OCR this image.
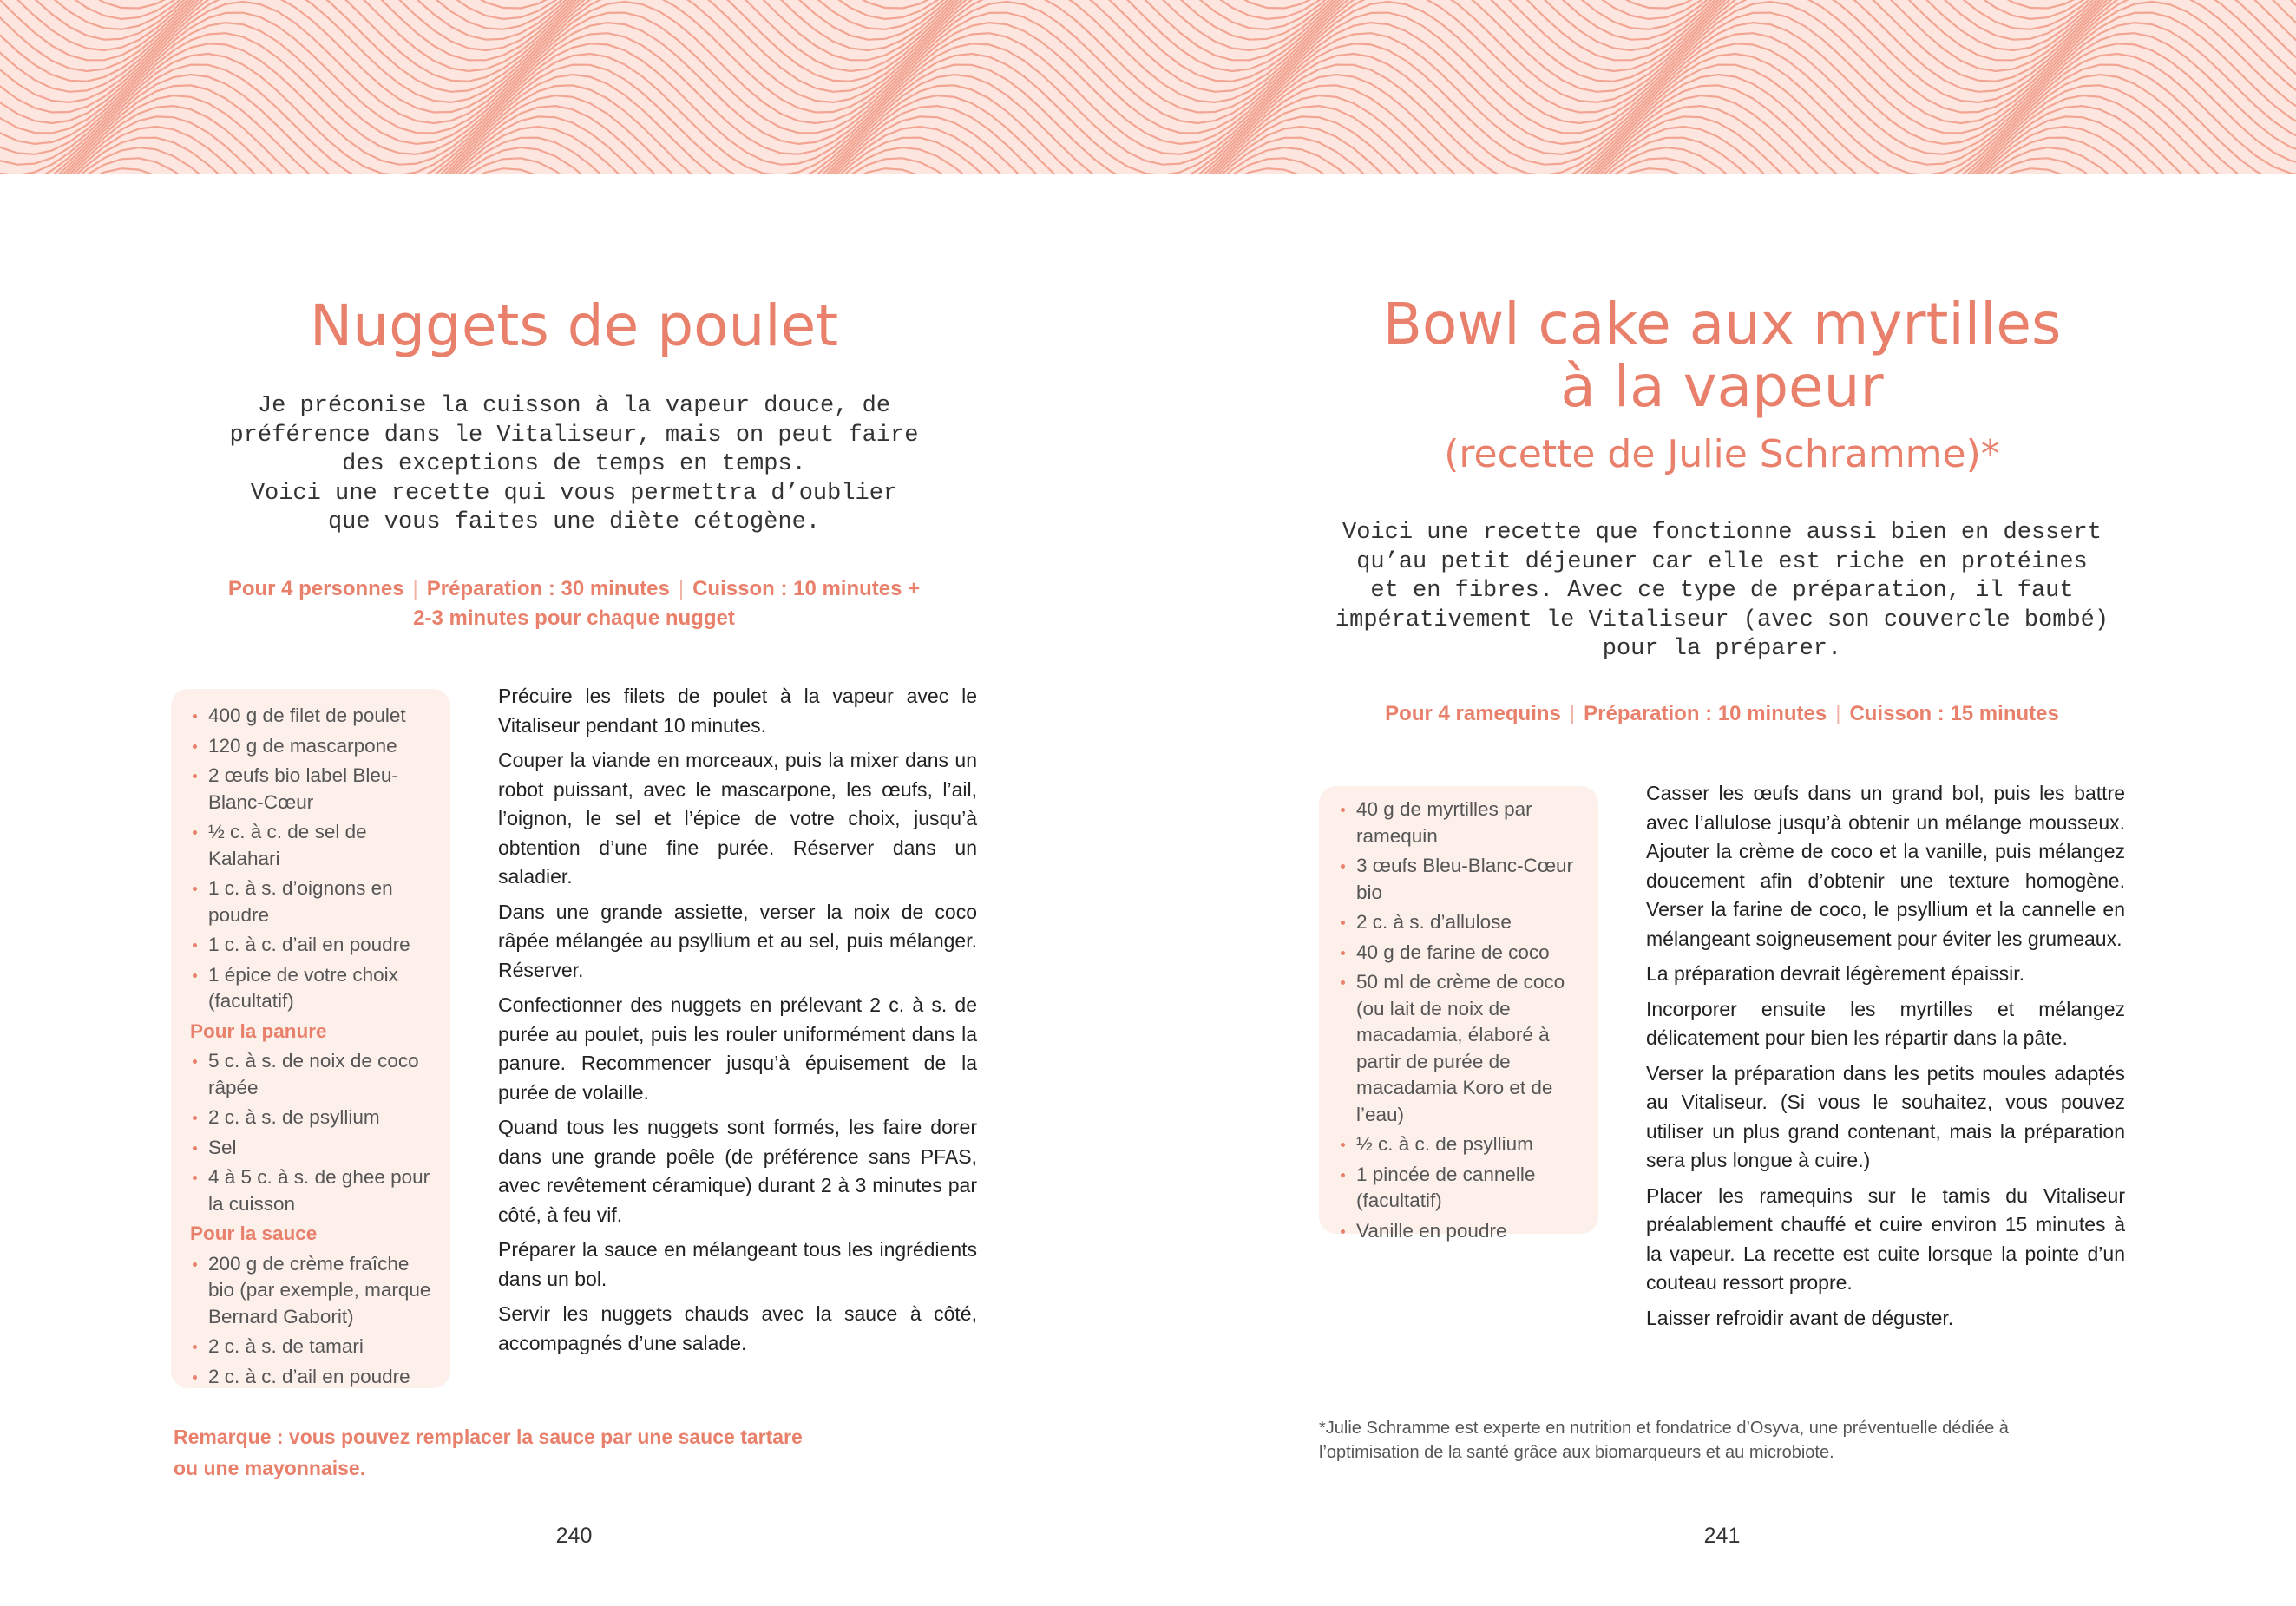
Nuggets de poulet
Je préconise la cuisson à la vapeur douce, de
préférence dans le Vitaliseur, mais on peut faire
des exceptions de temps en temps.
Voici une recette qui vous permettra d’oublier
que vous faites une diète cétogène.
Pour 4 personnes | Préparation : 30 minutes | Cuisson : 10 minutes +
2-3 minutes pour chaque nugget
400 g de filet de poulet
120 g de mascarpone
2 œufs bio label Bleu-Blanc-Cœur
½ c. à c. de sel de Kalahari
1 c. à s. d’oignons en poudre
1 c. à c. d’ail en poudre
1 épice de votre choix (facultatif)
Pour la panure
5 c. à s. de noix de coco râpée
2 c. à s. de psyllium
Sel
4 à 5 c. à s. de ghee pour la cuisson
Pour la sauce
200 g de crème fraîche bio (par exemple, marque Bernard Gaborit)
2 c. à s. de tamari
2 c. à c. d’ail en poudre

Précuire les filets de poulet à la vapeur avec le Vitaliseur pendant 10 minutes.

Couper la viande en morceaux, puis la mixer dans un robot puissant, avec le mascarpone, les œufs, l’ail, l’oignon, le sel et l’épice de votre choix, jusqu’à obtention d’une fine purée. Réserver dans un saladier.

Dans une grande assiette, verser la noix de coco râpée mélangée au psyllium et au sel, puis mélanger. Réserver.

Confectionner des nuggets en prélevant 2 c. à s. de purée au poulet, puis les rouler uniformément dans la panure. Recommencer jusqu’à épuisement de la purée de volaille.

Quand tous les nuggets sont formés, les faire dorer dans une grande poêle (de préférence sans PFAS, avec revêtement céramique) durant 2 à 3 minutes par côté, à feu vif.

Préparer la sauce en mélangeant tous les ingrédients dans un bol.

Servir les nuggets chauds avec la sauce à côté, accompagnés d’une salade.

Remarque : vous pouvez remplacer la sauce par une sauce tartare ou une mayonnaise.
240
Bowl cake aux myrtilles
à la vapeur
(recette de Julie Schramme)*
Voici une recette que fonctionne aussi bien en dessert
qu’au petit déjeuner car elle est riche en protéines
et en fibres. Avec ce type de préparation, il faut
impérativement le Vitaliseur (avec son couvercle bombé)
pour la préparer.
Pour 4 ramequins | Préparation : 10 minutes | Cuisson : 15 minutes
40 g de myrtilles par ramequin
3 œufs Bleu-Blanc-Cœur bio
2 c. à s. d’allulose
40 g de farine de coco
50 ml de crème de coco (ou lait de noix de macadamia, élaboré à partir de purée de macadamia Koro et de l’eau)
½ c. à c. de psyllium
1 pincée de cannelle (facultatif)
Vanille en poudre

Casser les œufs dans un grand bol, puis les battre avec l’allulose jusqu’à obtenir un mélange mousseux. Ajouter la crème de coco et la vanille, puis mélangez doucement afin d’obtenir une texture homogène. Verser la farine de coco, le psyllium et la cannelle en mélangeant soigneusement pour éviter les grumeaux.

La préparation devrait légèrement épaissir.

Incorporer ensuite les myrtilles et mélangez délicatement pour bien les répartir dans la pâte.

Verser la préparation dans les petits moules adaptés au Vitaliseur. (Si vous le souhaitez, vous pouvez utiliser un plus grand contenant, mais la préparation sera plus longue à cuire.)

Placer les ramequins sur le tamis du Vitaliseur préalablement chauffé et cuire environ 15 minutes à la vapeur. La recette est cuite lorsque la pointe d’un couteau ressort propre.

Laisser refroidir avant de déguster.

*Julie Schramme est experte en nutrition et fondatrice d’Osyva, une préventuelle dédiée à l’optimisation de la santé grâce aux biomarqueurs et au microbiote.
241
